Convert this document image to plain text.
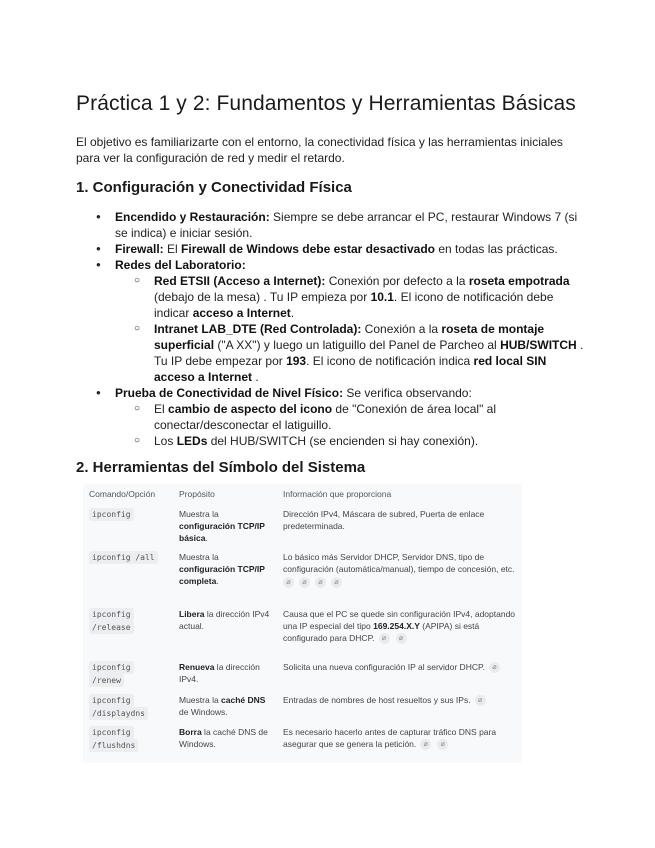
Práctica 1 y 2: Fundamentos y Herramientas Básicas

El objetivo es familiarizarte con el entorno, la conectividad física y las herramientas iniciales para ver la configuración de red y medir el retardo.

1. Configuración y Conectividad Física
● Encendido y Restauración: Siempre se debe arrancar el PC, restaurar Windows 7 (si se indica) e iniciar sesión.
● Firewall: El Firewall de Windows debe estar desactivado en todas las prácticas.
● Redes del Laboratorio:
○ Red ETSII (Acceso a Internet): Conexión por defecto a la roseta empotrada (debajo de la mesa) . Tu IP empieza por 10.1. El icono de notificación debe indicar acceso a Internet.
○ Intranet LAB_DTE (Red Controlada): Conexión a la roseta de montaje superficial ("A XX") y luego un latiguillo del Panel de Parcheo al HUB/SWITCH . Tu IP debe empezar por 193. El icono de notificación indica red local SIN acceso a Internet .
● Prueba de Conectividad de Nivel Físico: Se verifica observando:
○ El cambio de aspecto del icono de "Conexión de área local" al conectar/desconectar el latiguillo.
○ Los LEDs del HUB/SWITCH (se encienden si hay conexión).
2. Herramientas del Símbolo del Sistema
Comando/Opción	Propósito	Información que proporciona
ipconfig	Muestra la configuración TCP/IP básica.	Dirección IPv4, Máscara de subred, Puerta de enlace predeterminada.
ipconfig /all	Muestra la configuración TCP/IP completa.	Lo básico más Servidor DHCP, Servidor DNS, tipo de configuración (automática/manual), tiempo de concesión, etc.
⌀ ⌀ ⌀ ⌀

ipconfig
/release	Libera la dirección IPv4 actual.	Causa que el PC se quede sin configuración IPv4, adoptando una IP especial del tipo 169.254.X.Y (APIPA) si está configurado para DHCP. ⌀ ⌀
ipconfig
/renew	Renueva la dirección IPv4.	Solicita una nueva configuración IP al servidor DHCP. ⌀
ipconfig
/displaydns	Muestra la caché DNS de Windows.	Entradas de nombres de host resueltos y sus IPs. ⌀
ipconfig
/flushdns	Borra la caché DNS de Windows.	Es necesario hacerlo antes de capturar tráfico DNS para asegurar que se genera la petición. ⌀ ⌀
